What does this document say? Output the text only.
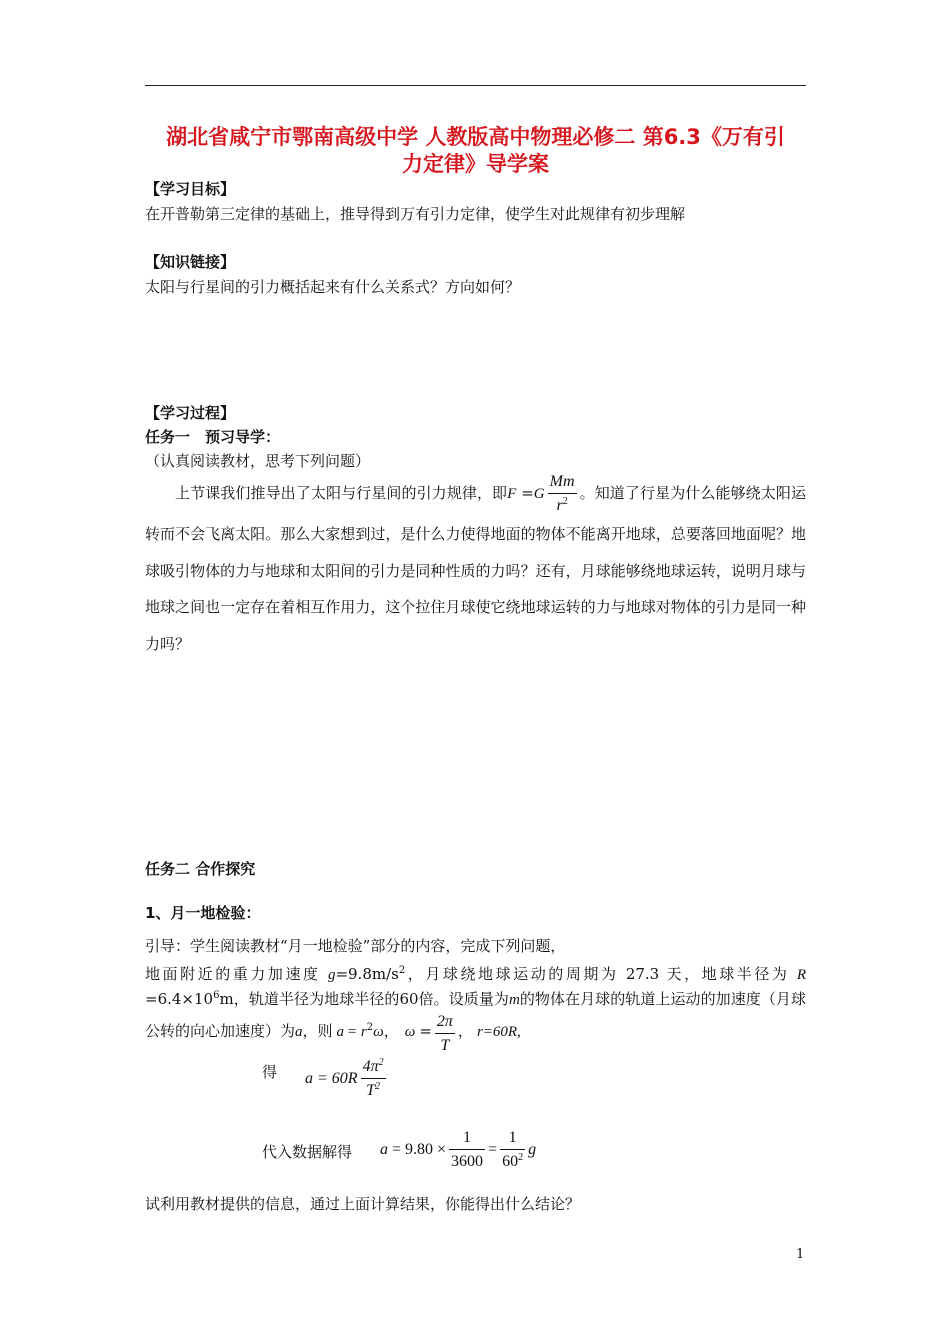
湖北省咸宁市鄂南高级中学 人教版高中物理必修二 第6.3《万有引
力定律》导学案
【学习目标】
在开普勒第三定律的基础上，推导得到万有引力定律，使学生对此规律有初步理解
【知识链接】
太阳与行星间的引力概括起来有什么关系式？方向如何？
【学习过程】
任务一　预习导学：
（认真阅读教材，思考下列问题）
上节课我们推导出了太阳与行星间的引力规律，即$F =G \frac{Mm}{r^2}$ 。知道了行星为什么能够绕太阳运转而不会飞离太阳。那么大家想到过，是什么力使得地面的物体不能离开地球，总要落回地面呢？地球吸引物体的力与地球和太阳间的引力是同种性质的力吗？还有，月球能够绕地球运转，说明月球与地球之间也一定存在着相互作用力，这个拉住月球使它绕地球运转的力与地球对物体的引力是同一种力吗？
任务二 合作探究
1、月一地检验：
引导：学生阅读教材“月一地检验”部分的内容，完成下列问题，
地面附近的重力加速度 $g=9.8m/s^2$，月球绕地球运动的周期为 27.3 天，地球半径为 $R =6.4\times 10^6m$，轨道半径为地球半径的60倍。设质量为m的物体在月球的轨道上运动的加速度（月球公转的向心加速度）为a，则 $a = r^2\omega$， $\omega = \frac{2\pi}{T}$ ， r=60R,
得 $a = 60R \frac{4\pi^2}{T^2}$
代入数据解得 $a = 9.80 \times \frac{1}{3600} = \frac{1}{60^2}$ g
试利用教材提供的信息，通过上面计算结果，你能得出什么结论？
1
